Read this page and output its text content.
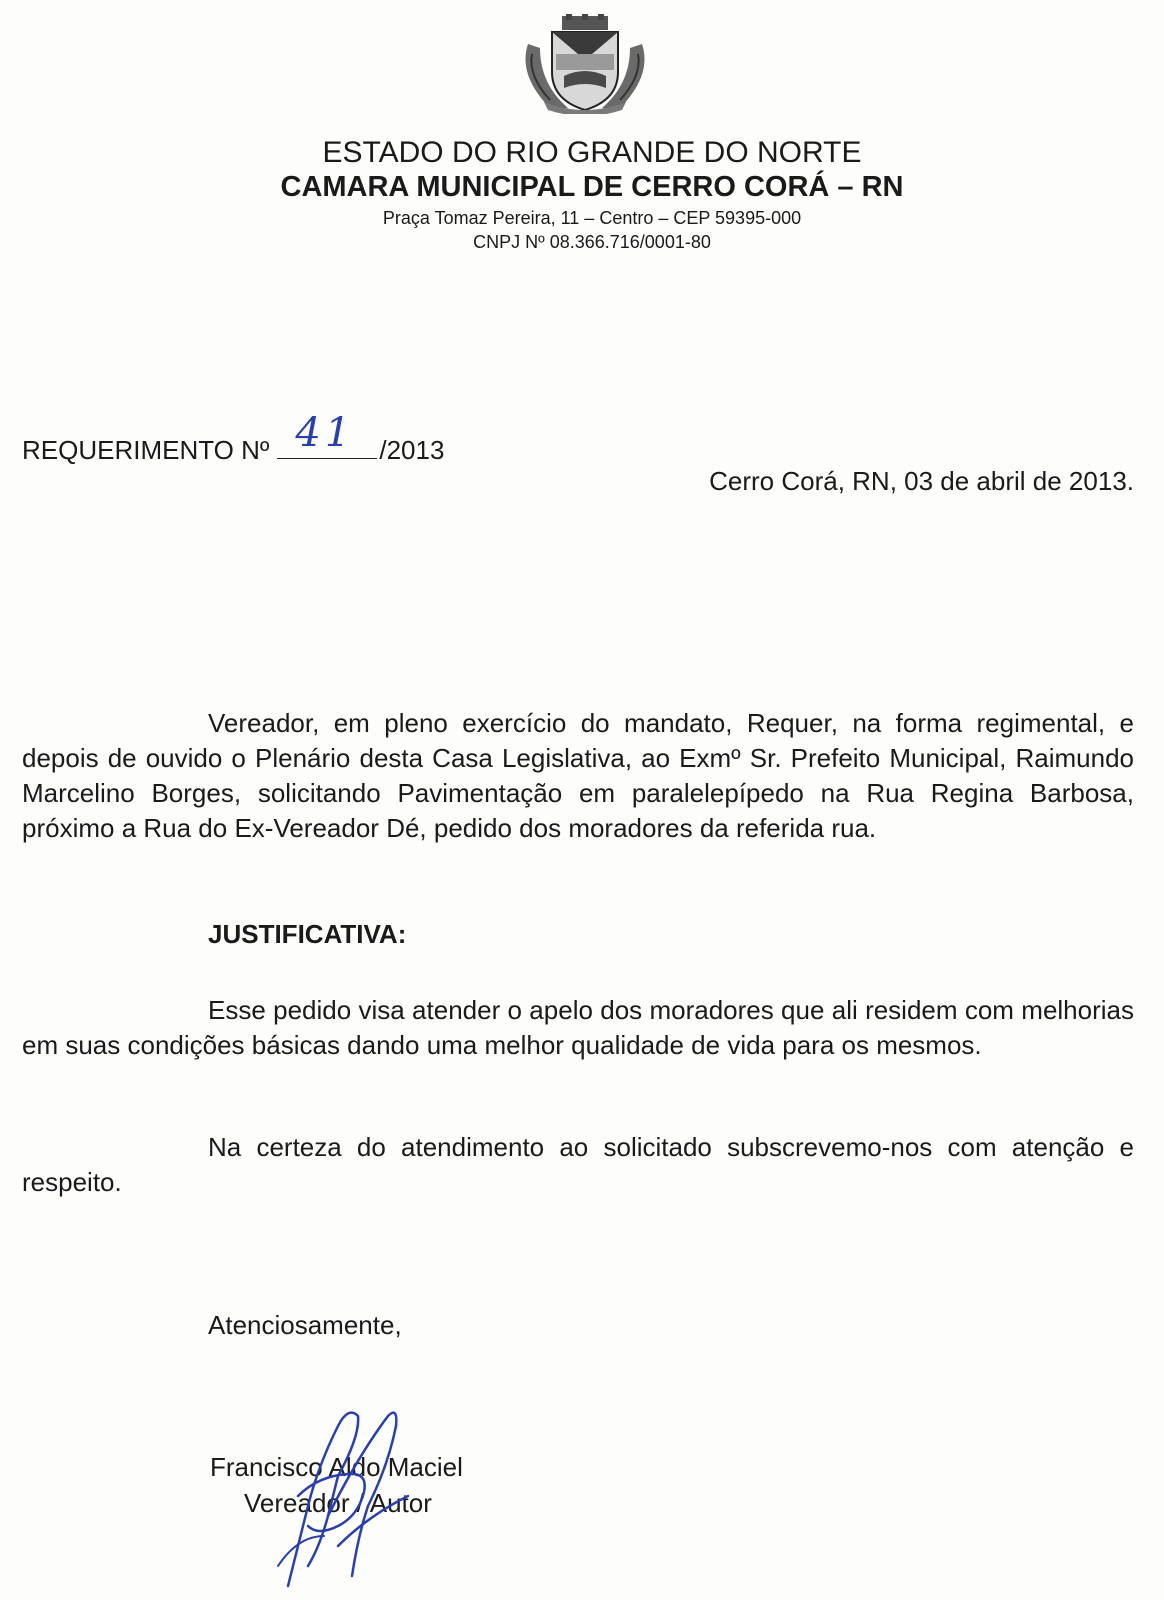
ESTADO DO RIO GRANDE DO NORTE
CAMARA MUNICIPAL DE CERRO CORÁ – RN
Praça Tomaz Pereira, 11 – Centro – CEP 59395-000
CNPJ Nº 08.366.716/0001-80
REQUERIMENTO Nº 41 /2013
Cerro Corá, RN, 03 de abril de 2013.

Vereador, em pleno exercício do mandato, Requer, na forma regimental, e depois de ouvido o Plenário desta Casa Legislativa, ao Exmº Sr. Prefeito Municipal, Raimundo Marcelino Borges, solicitando Pavimentação em paralelepípedo na Rua Regina Barbosa, próximo a Rua do Ex-Vereador Dé, pedido dos moradores da referida rua.

JUSTIFICATIVA:

Esse pedido visa atender o apelo dos moradores que ali residem com melhorias em suas condições básicas dando uma melhor qualidade de vida para os mesmos.

Na certeza do atendimento ao solicitado subscrevemo-nos com atenção e respeito.

Atenciosamente,
Francisco Aldo Maciel
Vereador / Autor
